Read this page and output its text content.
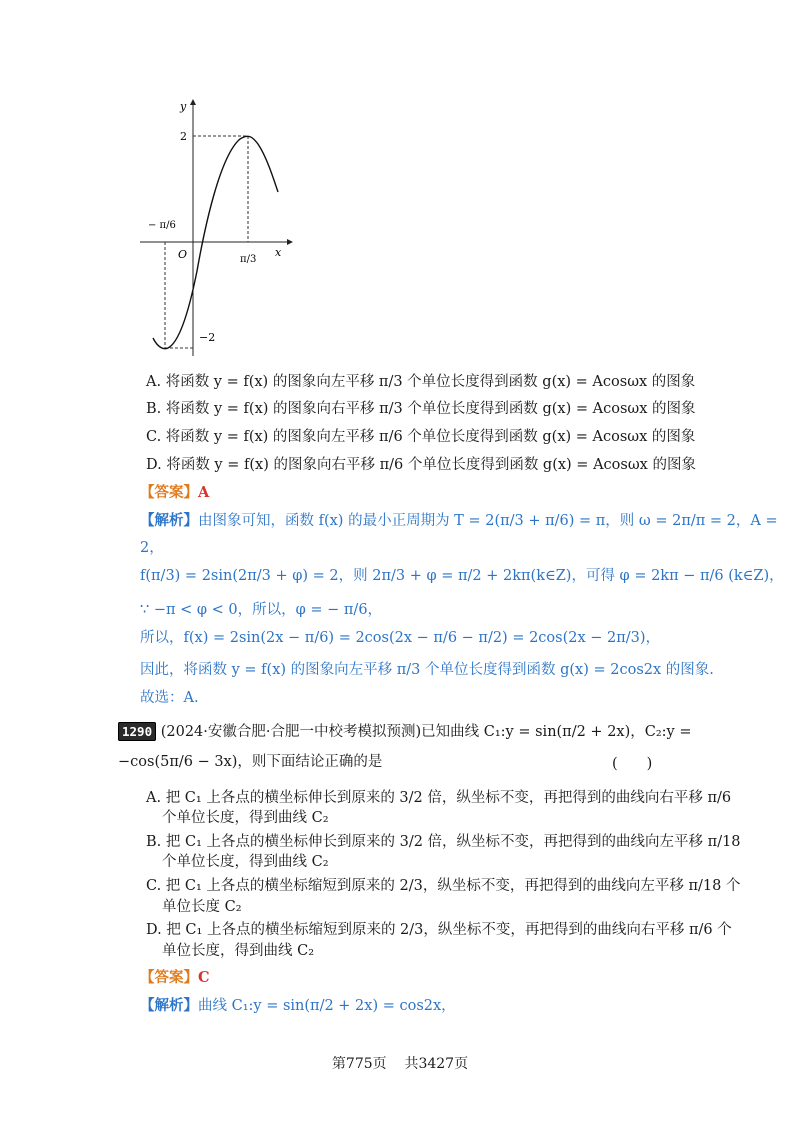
y
x
O
2
−2
− π/6
π/3
A. 将函数 y = f(x) 的图象向左平移 π/3 个单位长度得到函数 g(x) = Acosωx 的图象
B. 将函数 y = f(x) 的图象向右平移 π/3 个单位长度得到函数 g(x) = Acosωx 的图象
C. 将函数 y = f(x) 的图象向左平移 π/6 个单位长度得到函数 g(x) = Acosωx 的图象
D. 将函数 y = f(x) 的图象向右平移 π/6 个单位长度得到函数 g(x) = Acosωx 的图象
【答案】A
【解析】由图象可知，函数 f(x) 的最小正周期为 T = 2(π/3 + π/6) = π，则 ω = 2π/π = 2，A =
2，
f(π/3) = 2sin(2π/3 + φ) = 2，则 2π/3 + φ = π/2 + 2kπ(k∈Z)，可得 φ = 2kπ − π/6 (k∈Z)，
∵ −π < φ < 0，所以，φ = − π/6，
所以，f(x) = 2sin(2x − π/6) = 2cos(2x − π/6 − π/2) = 2cos(2x − 2π/3)，
因此，将函数 y = f(x) 的图象向左平移 π/3 个单位长度得到函数 g(x) = 2cos2x 的图象.
故选：A.
1290 (2024·安徽合肥·合肥一中校考模拟预测)已知曲线 C₁:y = sin(π/2 + 2x)，C₂:y =
−cos(5π/6 − 3x)，则下面结论正确的是	(　　)
A. 把 C₁ 上各点的横坐标伸长到原来的 3/2 倍，纵坐标不变，再把得到的曲线向右平移 π/6
个单位长度，得到曲线 C₂
B. 把 C₁ 上各点的横坐标伸长到原来的 3/2 倍，纵坐标不变，再把得到的曲线向左平移 π/18
个单位长度，得到曲线 C₂
C. 把 C₁ 上各点的横坐标缩短到原来的 2/3，纵坐标不变，再把得到的曲线向左平移 π/18 个
单位长度 C₂
D. 把 C₁ 上各点的横坐标缩短到原来的 2/3，纵坐标不变，再把得到的曲线向右平移 π/6 个
单位长度，得到曲线 C₂
【答案】C
【解析】曲线 C₁:y = sin(π/2 + 2x) = cos2x，
第775页 共3427页
